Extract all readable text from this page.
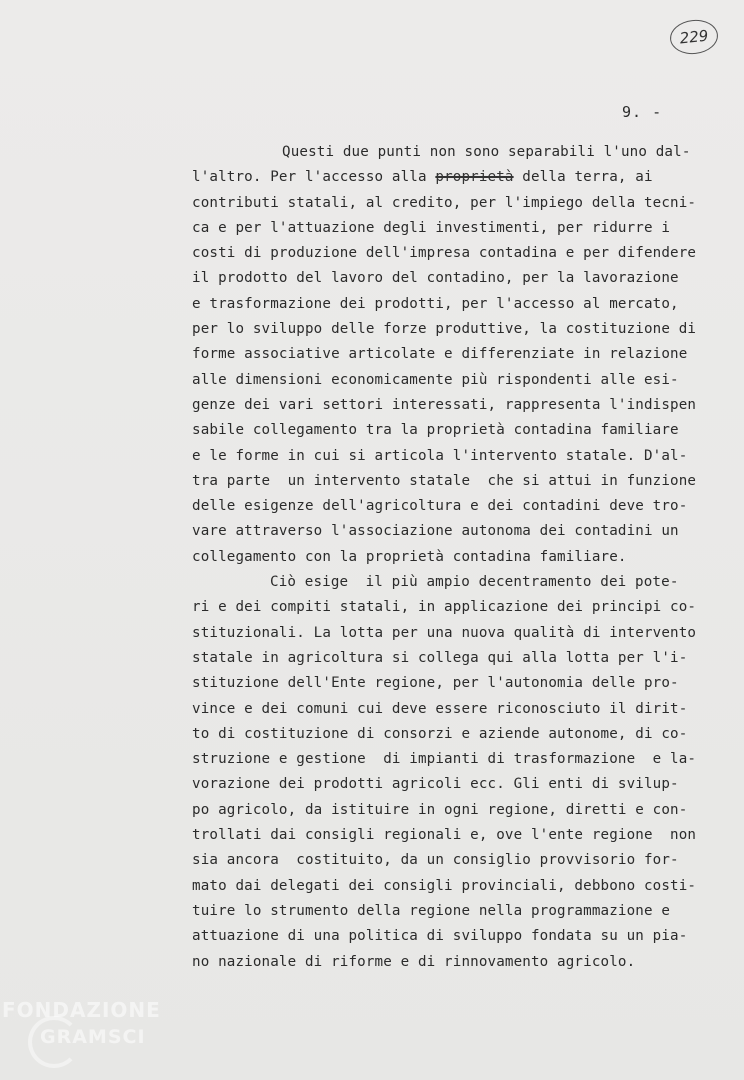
229
9. -
Questi due punti non sono separabili l'uno dal-
l'altro. Per l'accesso alla proprietà della terra, ai
contributi statali, al credito, per l'impiego della tecni-
ca e per l'attuazione degli investimenti, per ridurre i
costi di produzione dell'impresa contadina e per difendere
il prodotto del lavoro del contadino, per la lavorazione
e trasformazione dei prodotti, per l'accesso al mercato,
per lo sviluppo delle forze produttive, la costituzione di
forme associative articolate e differenziate in relazione
alle dimensioni economicamente più rispondenti alle esi-
genze dei vari settori interessati, rappresenta l'indispen
sabile collegamento tra la proprietà contadina familiare
e le forme in cui si articola l'intervento statale. D'al-
tra parte  un intervento statale  che si attui in funzione
delle esigenze dell'agricoltura e dei contadini deve tro-
vare attraverso l'associazione autonoma dei contadini un
collegamento con la proprietà contadina familiare.
Ciò esige  il più ampio decentramento dei pote-
ri e dei compiti statali, in applicazione dei principi co-
stituzionali. La lotta per una nuova qualità di intervento
statale in agricoltura si collega qui alla lotta per l'i-
stituzione dell'Ente regione, per l'autonomia delle pro-
vince e dei comuni cui deve essere riconosciuto il dirit-
to di costituzione di consorzi e aziende autonome, di co-
struzione e gestione  di impianti di trasformazione  e la-
vorazione dei prodotti agricoli ecc. Gli enti di svilup-
po agricolo, da istituire in ogni regione, diretti e con-
trollati dai consigli regionali e, ove l'ente regione  non
sia ancora  costituito, da un consiglio provvisorio for-
mato dai delegati dei consigli provinciali, debbono costi-
tuire lo strumento della regione nella programmazione e
attuazione di una politica di sviluppo fondata su un pia-
no nazionale di riforme e di rinnovamento agricolo.
FONDAZIONE
GRAMSCI
